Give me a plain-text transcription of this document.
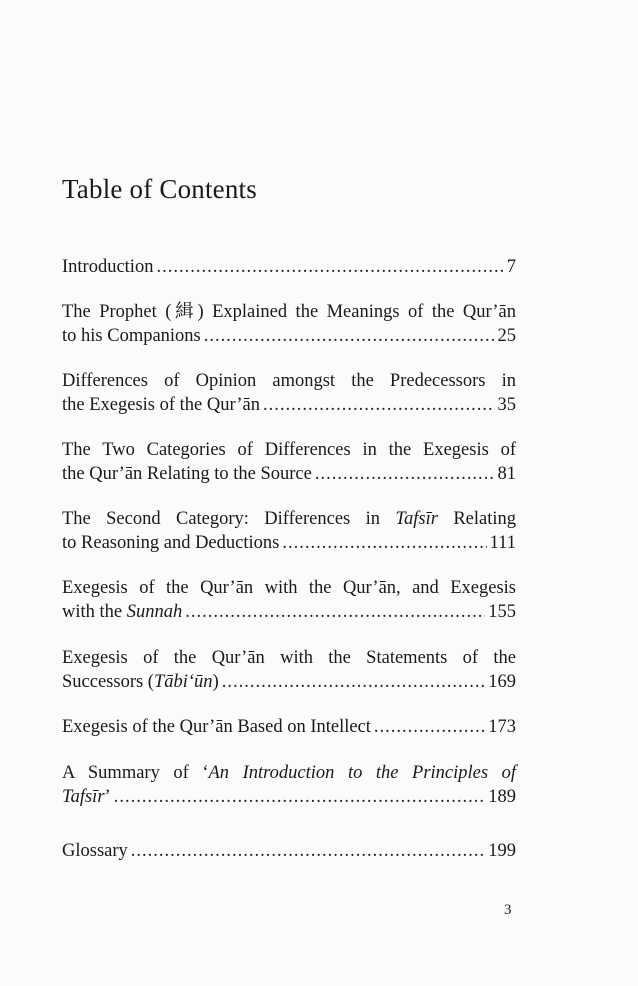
Table of Contents
Introduction .....	7
The Prophet (緝) Explained the Meanings of the Qur’ān
to his Companions .....	25
Differences of Opinion amongst the Predecessors in
the Exegesis of the Qur’ān .....	35
The Two Categories of Differences in the Exegesis of
the Qur’ān Relating to the Source .....	81
The Second Category: Differences in Tafsīr Relating
to Reasoning and Deductions .....	111
Exegesis of the Qur’ān with the Qur’ān, and Exegesis
with the Sunnah .....	155
Exegesis of the Qur’ān with the Statements of the
Successors (Tābi‘ūn) .....	169
Exegesis of the Qur’ān Based on Intellect .....	173
A Summary of ‘An Introduction to the Principles of
Tafsīr’ .....	189
Glossary .....	199
3
